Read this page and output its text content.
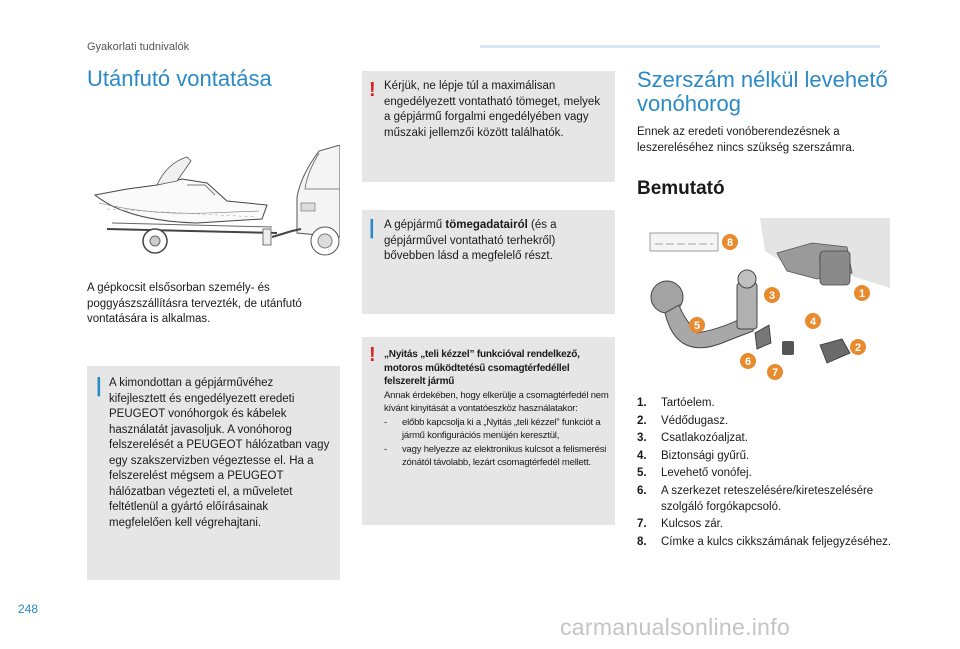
Gyakorlati tudnivalók
Utánfutó vontatása
A gépkocsit elsősorban személy- és poggyászszállításra tervezték, de utánfutó vontatására is alkalmas.
| A kimondottan a gépjárművéhez kifejlesztett és engedélyezett eredeti PEUGEOT vonóhorgok és kábelek használatát javasoljuk. A vonóhorog felszerelését a PEUGEOT hálózatban vagy egy szakszervizben végeztesse el. Ha a felszerelést mégsem a PEUGEOT hálózatban végezteti el, a műveletet feltétlenül a gyártó előírásainak megfelelően kell végrehajtani.
! Kérjük, ne lépje túl a maximálisan engedélyezett vontatható tömeget, melyek a gépjármű forgalmi engedélyében vagy műszaki jellemzői között találhatók.
| A gépjármű tömegadatairól (és a gépjárművel vontatható terhekről) bővebben lásd a megfelelő részt.
! „Nyitás „teli kézzel” funkcióval rendelkező, motoros működtetésű csomagtérfedéllel felszerelt jármű
Annak érdekében, hogy elkerülje a csomagtérfedél nem kívánt kinyitását a vontatóeszköz használatakor:
- előbb kapcsolja ki a „Nyitás „teli kézzel” funkciót a jármű konfigurációs menüjén keresztül,
- vagy helyezze az elektronikus kulcsot a felismerési zónától távolabb, lezárt csomagtérfedél mellett.
Szerszám nélkül levehető vonóhorog
Ennek az eredeti vonóberendezésnek a leszereléséhez nincs szükség szerszámra.
Bemutató
8
3	1
5	4
2
6
7
1. Tartóelem.
2. Védődugasz.
3. Csatlakozóaljzat.
4. Biztonsági gyűrű.
5. Levehető vonófej.
6. A szerkezet reteszelésére/kireteszelésére szolgáló forgókapcsoló.
7. Kulcsos zár.
8. Címke a kulcs cikkszámának feljegyzéséhez.
248
carmanualsonline.info
